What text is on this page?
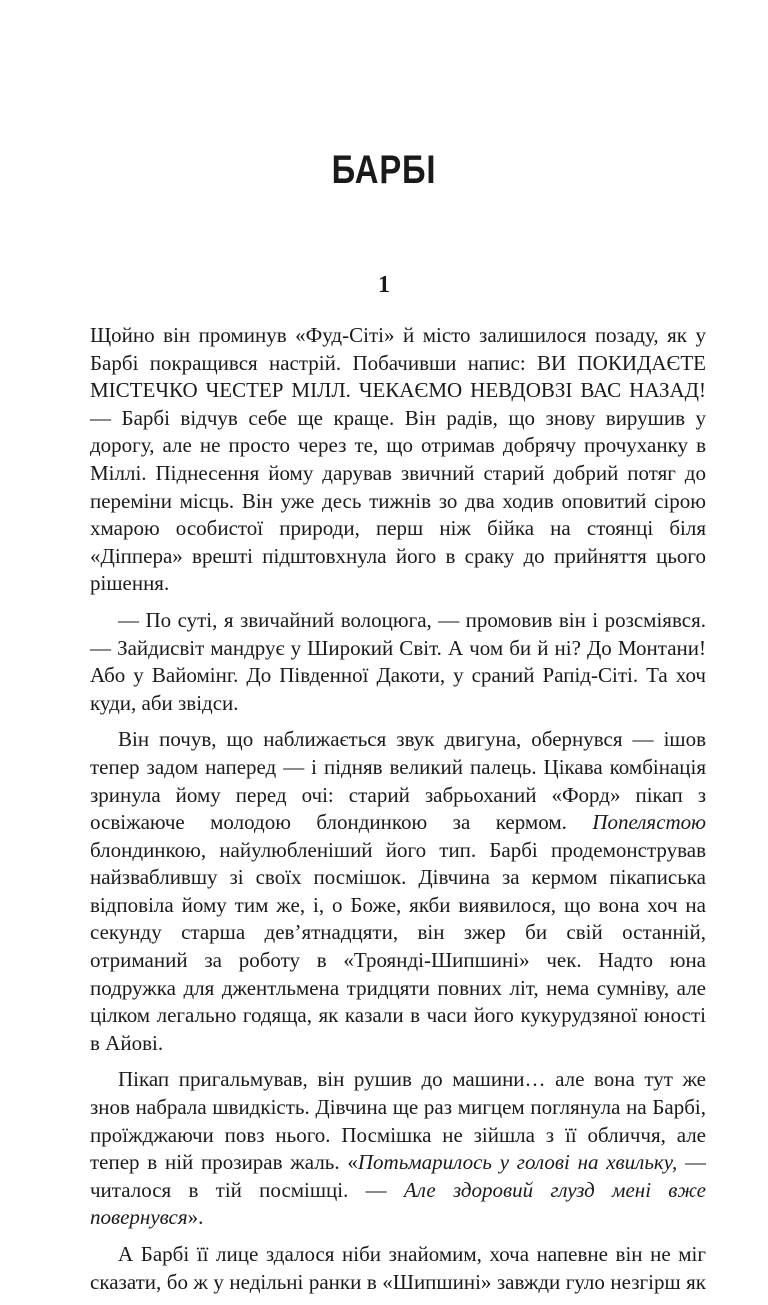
БАРБІ
1

Щойно він проминув «Фуд-Сіті» й місто залишилося позаду, як у Барбі покращився настрій. Побачивши напис: ВИ ПОКИДАЄТЕ МІСТЕЧКО ЧЕСТЕР МІЛЛ. ЧЕКАЄМО НЕВДОВЗІ ВАС НАЗАД! — Барбі відчув себе ще краще. Він радів, що знову вирушив у дорогу, але не просто через те, що отримав добрячу прочуханку в Міллі. Піднесення йому дарував звичний старий добрий потяг до переміни місць. Він уже десь тижнів зо два ходив оповитий сірою хмарою особистої природи, перш ніж бійка на стоянці біля «Діппера» врешті підштовхнула його в сраку до прийняття цього рішення.

— По суті, я звичайний волоцюга, — промовив він і розсміявся. — Зайдисвіт мандрує у Широкий Світ. А чом би й ні? До Монтани! Або у Вайомінг. До Південної Дакоти, у сраний Рапід-Сіті. Та хоч куди, аби звідси.

Він почув, що наближається звук двигуна, обернувся — ішов тепер задом наперед — і підняв великий палець. Цікава комбінація зринула йому перед очі: старий забрьоханий «Форд» пікап з освіжаюче молодою блондинкою за кермом. Попелястою блондинкою, найулюбленіший його тип. Барбі продемонстрував найзваблившу зі своїх посмішок. Дівчина за кермом пікаписька відповіла йому тим же, і, о Боже, якби виявилося, що вона хоч на секунду старша дев’ятнадцяти, він зжер би свій останній, отриманий за роботу в «Троянді-Шипшині» чек. Надто юна подружка для джентльмена тридцяти повних літ, нема сумніву, але цілком легально годяща, як казали в часи його кукурудзяної юності в Айові.

Пікап пригальмував, він рушив до машини… але вона тут же знов набрала швидкість. Дівчина ще раз мигцем поглянула на Барбі, проїжджаючи повз нього. Посмішка не зійшла з її обличчя, але тепер в ній прозирав жаль. «Потьмарилось у голові на хвильку, — читалося в тій посмішці. — Але здоровий глузд мені вже повернувся».

А Барбі її лице здалося ніби знайомим, хоча напевне він не міг сказати, бо ж у недільні ранки в «Шипшині» завжди гуло незгірш як
